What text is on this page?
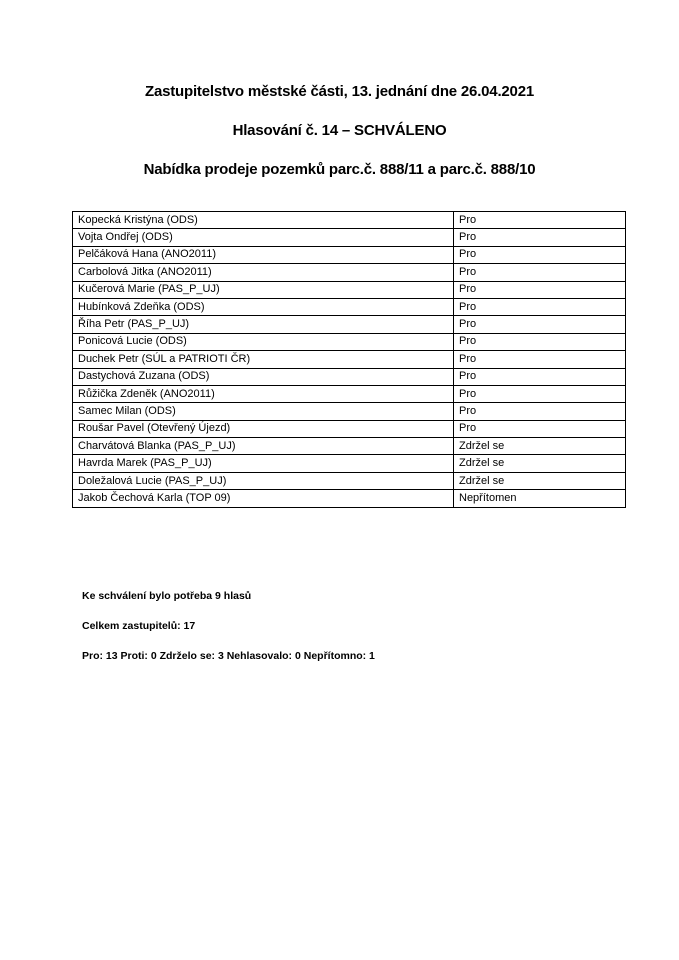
Zastupitelstvo městské části, 13. jednání dne 26.04.2021

Hlasování č. 14 – SCHVÁLENO

Nabídka prodeje pozemků parc.č. 888/11 a parc.č. 888/10

Kopecká Kristýna (ODS)	Pro
Vojta Ondřej (ODS)	Pro
Pelčáková Hana (ANO2011)	Pro
Carbolová Jitka (ANO2011)	Pro
Kučerová Marie (PAS_P_UJ)	Pro
Hubínková Zdeňka (ODS)	Pro
Říha Petr (PAS_P_UJ)	Pro
Ponicová Lucie (ODS)	Pro
Duchek Petr (SÚL a PATRIOTI ČR)	Pro
Dastychová Zuzana (ODS)	Pro
Růžička Zdeněk (ANO2011)	Pro
Samec Milan (ODS)	Pro
Roušar Pavel (Otevřený Újezd)	Pro
Charvátová Blanka (PAS_P_UJ)	Zdržel se
Havrda Marek (PAS_P_UJ)	Zdržel se
Doležalová Lucie (PAS_P_UJ)	Zdržel se
Jakob Čechová Karla (TOP 09)	Nepřítomen

Ke schválení bylo potřeba 9 hlasů

Celkem zastupitelů: 17

Pro: 13 Proti: 0 Zdrželo se: 3 Nehlasovalo: 0 Nepřítomno: 1
